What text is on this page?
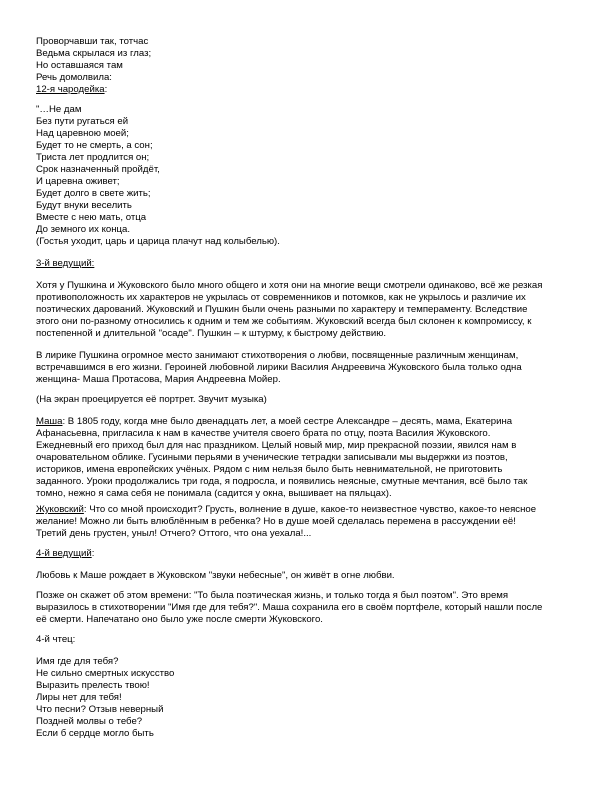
Проворчавши так, тотчас
Ведьма скрылася из глаз;
Но оставшаяся там
Речь домолвила:
12-я чародейка:
"…Не дам
Без пути ругаться ей
Над царевною моей;
Будет то не смерть, а сон;
Триста лет продлится он;
Срок назначенный пройдёт,
И царевна оживет;
Будет долго в свете жить;
Будут внуки веселить
Вместе с нею мать, отца
До земного их конца.
(Гостья уходит, царь и царица плачут над колыбелью).
3-й ведущий:
Хотя у Пушкина и Жуковского было много общего и хотя они на многие вещи смотрели одинаково, всё же резкая
противоположность их характеров не укрылась от современников и потомков, как не укрылось и различие их
поэтических дарований. Жуковский и Пушкин были очень разными по характеру и темпераменту. Вследствие
этого они по-разному относились к одним и тем же событиям. Жуковский всегда был склонен к компромиссу, к
постепенной и длительной "осаде". Пушкин – к штурму, к быстрому действию.
В лирике Пушкина огромное место занимают стихотворения о любви, посвященные различным женщинам,
встречавшимся в его жизни. Героиней любовной лирики Василия Андреевича Жуковского была только одна
женщина- Маша Протасова, Мария Андреевна Мойер.
(На экран проецируется её портрет. Звучит музыка)
Маша: В 1805 году, когда мне было двенадцать лет, а моей сестре Александре – десять, мама, Екатерина
Афанасьевна, пригласила к нам в качестве учителя своего брата по отцу, поэта Василия Жуковского.
Ежедневный его приход был для нас праздником. Целый новый мир, мир прекрасной поэзии, явился нам в
очаровательном облике. Гусиными перьями в ученические тетрадки записывали мы выдержки из поэтов,
историков, имена европейских учёных. Рядом с ним нельзя было быть невнимательной, не приготовить
заданного. Уроки продолжались три года, я подросла, и появились неясные, смутные мечтания, всё было так
томно, нежно я сама себя не понимала (садится у окна, вышивает на пяльцах).
Жуковский: Что со мной происходит? Грусть, волнение в душе, какое-то неизвестное чувство, какое-то неясное
желание! Можно ли быть влюблённым в ребенка? Но в душе моей сделалась перемена в рассуждении её!
Третий день грустен, уныл! Отчего? Оттого, что она уехала!...
4-й ведущий:
Любовь к Маше рождает в Жуковском "звуки небесные", он живёт в огне любви.
Позже он скажет об этом времени: "То была поэтическая жизнь, и только тогда я был поэтом". Это время
выразилось в стихотворении "Имя где для тебя?". Маша сохранила его в своём портфеле, который нашли после
её смерти. Напечатано оно было уже после смерти Жуковского.
4-й чтец:
Имя где для тебя?
Не сильно смертных искусство
Выразить прелесть твою!
Лиры нет для тебя!
Что песни? Отзыв неверный
Поздней молвы о тебе?
Если б сердце могло быть
